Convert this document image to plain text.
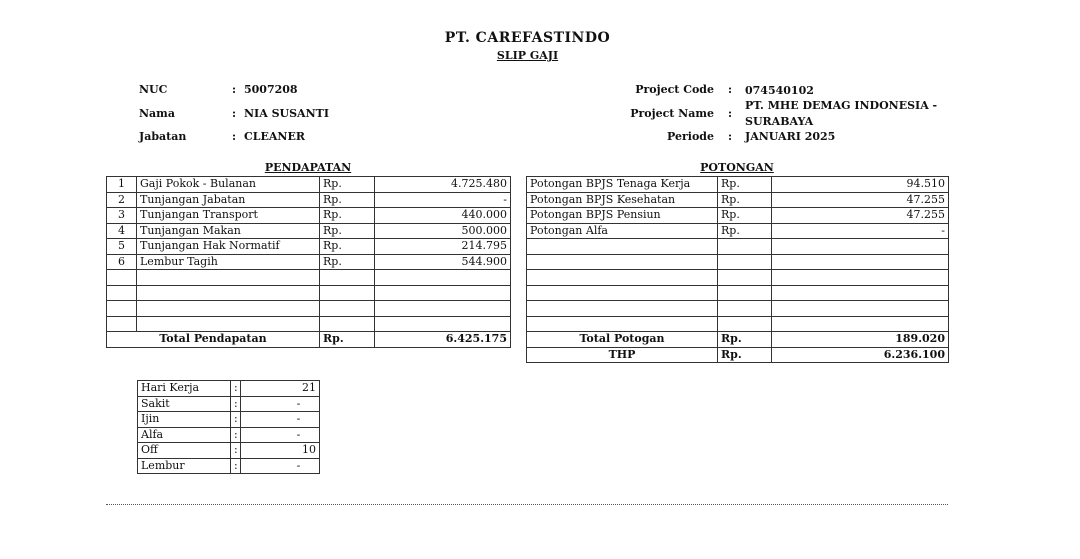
PT. CAREFASTINDO
SLIP GAJI
NUC	: 5007208
Nama	: NIA SUSANTI
Jabatan	: CLEANER
Project Code : 074540102
Project Name :
PT. MHE DEMAG INDONESIA -
SURABAYA
Periode : JANUARI 2025
PENDAPATAN	POTONGAN
1	Gaji Pokok - Bulanan	Rp.	4.725.480
2	Tunjangan Jabatan	Rp.	-
3	Tunjangan Transport	Rp.	440.000
4	Tunjangan Makan	Rp.	500.000
5	Tunjangan Hak Normatif	Rp.	214.795
6	Lembur Tagih	Rp.	544.900

Total Pendapatan		Rp.	6.425.175
Potongan BPJS Tenaga Kerja	Rp.	94.510
Potongan BPJS Kesehatan	Rp.	47.255
Potongan BPJS Pensiun	Rp.	47.255
Potongan Alfa	Rp.	-

Total Potogan	Rp.	189.020
THP	Rp.	6.236.100
Hari Kerja	:	21
Sakit	:	-
Ijin	:	-
Alfa	:	-
Off	:	10
Lembur	:	-
